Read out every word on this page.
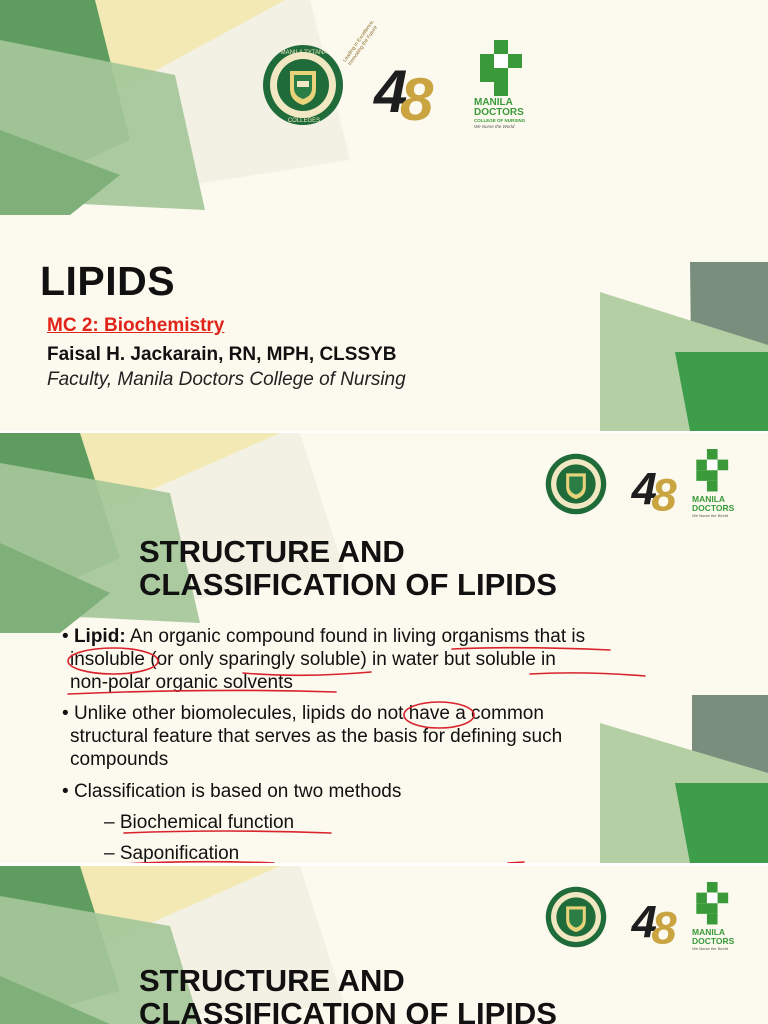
MANILA TYTANA
COLLEGES 4
8
Leading in Excellence, Innovating the Future
MANILA
DOCTORS
COLLEGE OF NURSING
We Nurse the World
LIPIDS
MC 2: Biochemistry
Faisal H. Jackarain, RN, MPH, CLSSYB
Faculty, Manila Doctors College of Nursing
4
8 MANILA
DOCTORS
We Nurse the World
STRUCTURE AND
CLASSIFICATION OF LIPIDS
• Lipid: An organic compound found in living organisms that is
insoluble (or only sparingly soluble) in water but soluble in
non-polar organic solvents
• Unlike other biomolecules, lipids do not have a common
structural feature that serves as the basis for defining such
compounds
• Classification is based on two methods
– Biochemical function
– Saponification
4
8 MANILA
DOCTORS
We Nurse the World
STRUCTURE AND
CLASSIFICATION OF LIPIDS
